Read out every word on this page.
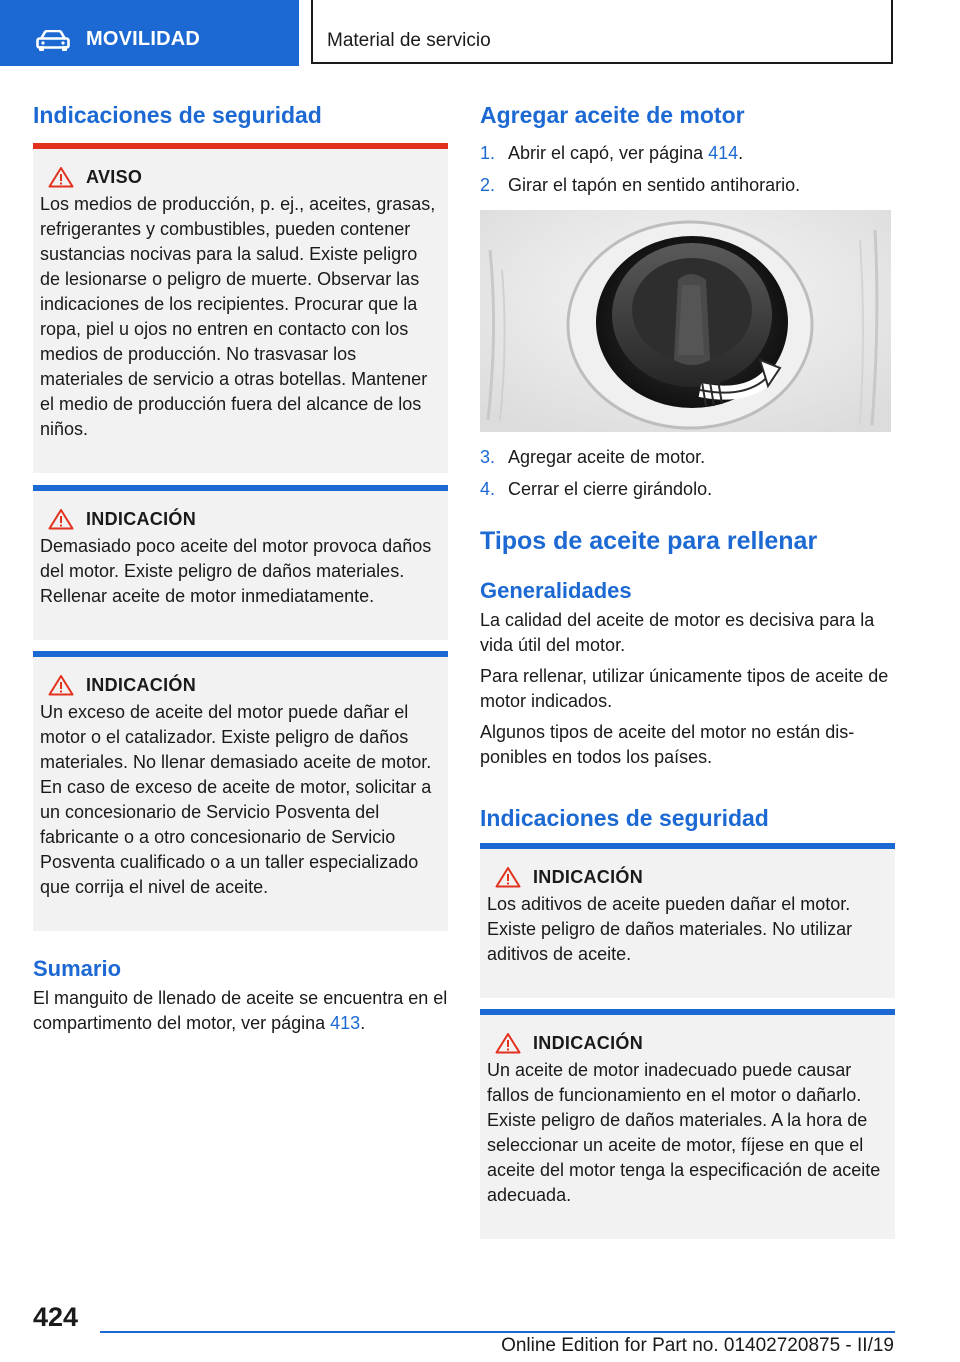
MOVILIDAD	Material de servicio
Indicaciones de seguridad
AVISO
Los medios de producción, p. ej., aceites, grasas, refrigerantes y combustibles, pueden contener sustancias nocivas para la salud. Existe peligro de lesionarse o peligro de muerte. Observar las indicaciones de los recipientes. Procurar que la ropa, piel u ojos no entren en contacto con los medios de producción. No trasvasar los materiales de servicio a otras botellas. Mantener el medio de producción fuera del alcance de los niños.
INDICACIÓN
Demasiado poco aceite del motor provoca daños del motor. Existe peligro de daños materiales. Rellenar aceite de motor inmediatamente.
INDICACIÓN
Un exceso de aceite del motor puede dañar el motor o el catalizador. Existe peligro de daños materiales. No llenar demasiado aceite de motor. En caso de exceso de aceite de motor, solicitar a un concesionario de Servicio Posventa del fabricante o a otro concesionario de Servicio Posventa cualificado o a un taller especializado que corrija el nivel de aceite.
Sumario

El manguito de llenado de aceite se encuentra en el compartimento del motor, ver página 413.

Agregar aceite de motor
1. Abrir el capó, ver página 414.
2. Girar el tapón en sentido antihorario.
3. Agregar aceite de motor.
4. Cerrar el cierre girándolo.
Tipos de aceite para rellenar
Generalidades

La calidad del aceite de motor es decisiva para la vida útil del motor.

Para rellenar, utilizar únicamente tipos de aceite de motor indicados.

Algunos tipos de aceite del motor no están disponibles en todos los países.

Indicaciones de seguridad
INDICACIÓN
Los aditivos de aceite pueden dañar el motor. Existe peligro de daños materiales. No utilizar aditivos de aceite.
INDICACIÓN
Un aceite de motor inadecuado puede causar fallos de funcionamiento en el motor o dañarlo. Existe peligro de daños materiales. A la hora de seleccionar un aceite de motor, fíjese en que el aceite del motor tenga la especificación de aceite adecuada.
424
Online Edition for Part no. 01402720875 - II/19
